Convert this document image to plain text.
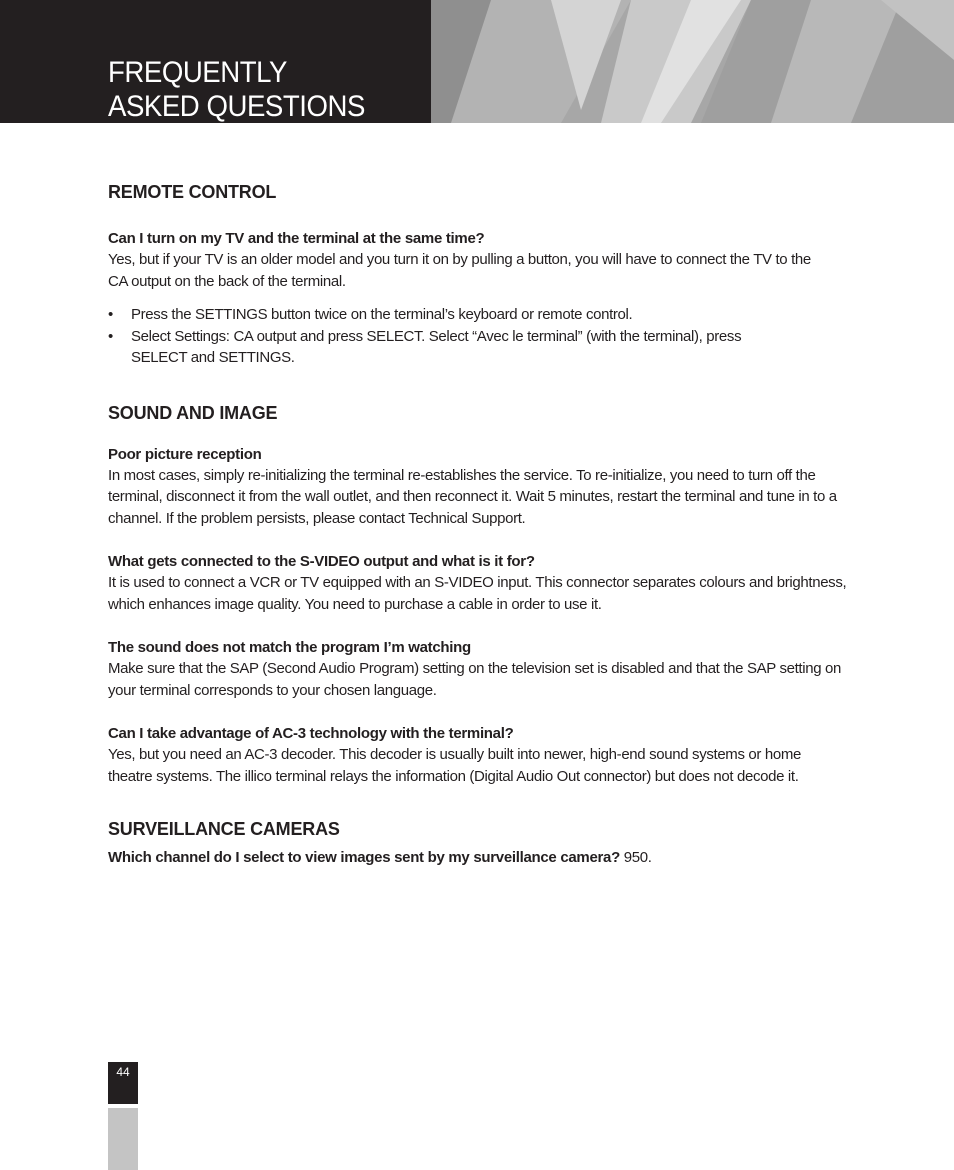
FREQUENTLY
ASKED QUESTIONS
REMOTE CONTROL
Can I turn on my TV and the terminal at the same time?
Yes, but if your TV is an older model and you turn it on by pulling a button, you will have to connect the TV to the CA output on the back of the terminal.
• Press the SETTINGS button twice on the terminal’s keyboard or remote control.
• Select Settings: CA output and press SELECT. Select “Avec le terminal” (with the terminal), press SELECT and SETTINGS.
SOUND AND IMAGE
Poor picture reception
In most cases, simply re-initializing the terminal re-establishes the service. To re-initialize, you need to turn off the terminal, disconnect it from the wall outlet, and then reconnect it. Wait 5 minutes, restart the terminal and tune in to a channel. If the problem persists, please contact Technical Support.
What gets connected to the S-VIDEO output and what is it for?
It is used to connect a VCR or TV equipped with an S-VIDEO input. This connector separates colours and brightness, which enhances image quality. You need to purchase a cable in order to use it.
The sound does not match the program I’m watching
Make sure that the SAP (Second Audio Program) setting on the television set is disabled and that the SAP setting on your terminal corresponds to your chosen language.
Can I take advantage of AC-3 technology with the terminal?
Yes, but you need an AC-3 decoder. This decoder is usually built into newer, high-end sound systems or home theatre systems. The illico terminal relays the information (Digital Audio Out connector) but does not decode it.
SURVEILLANCE CAMERAS
Which channel do I select to view images sent by my surveillance camera? 950.
44
